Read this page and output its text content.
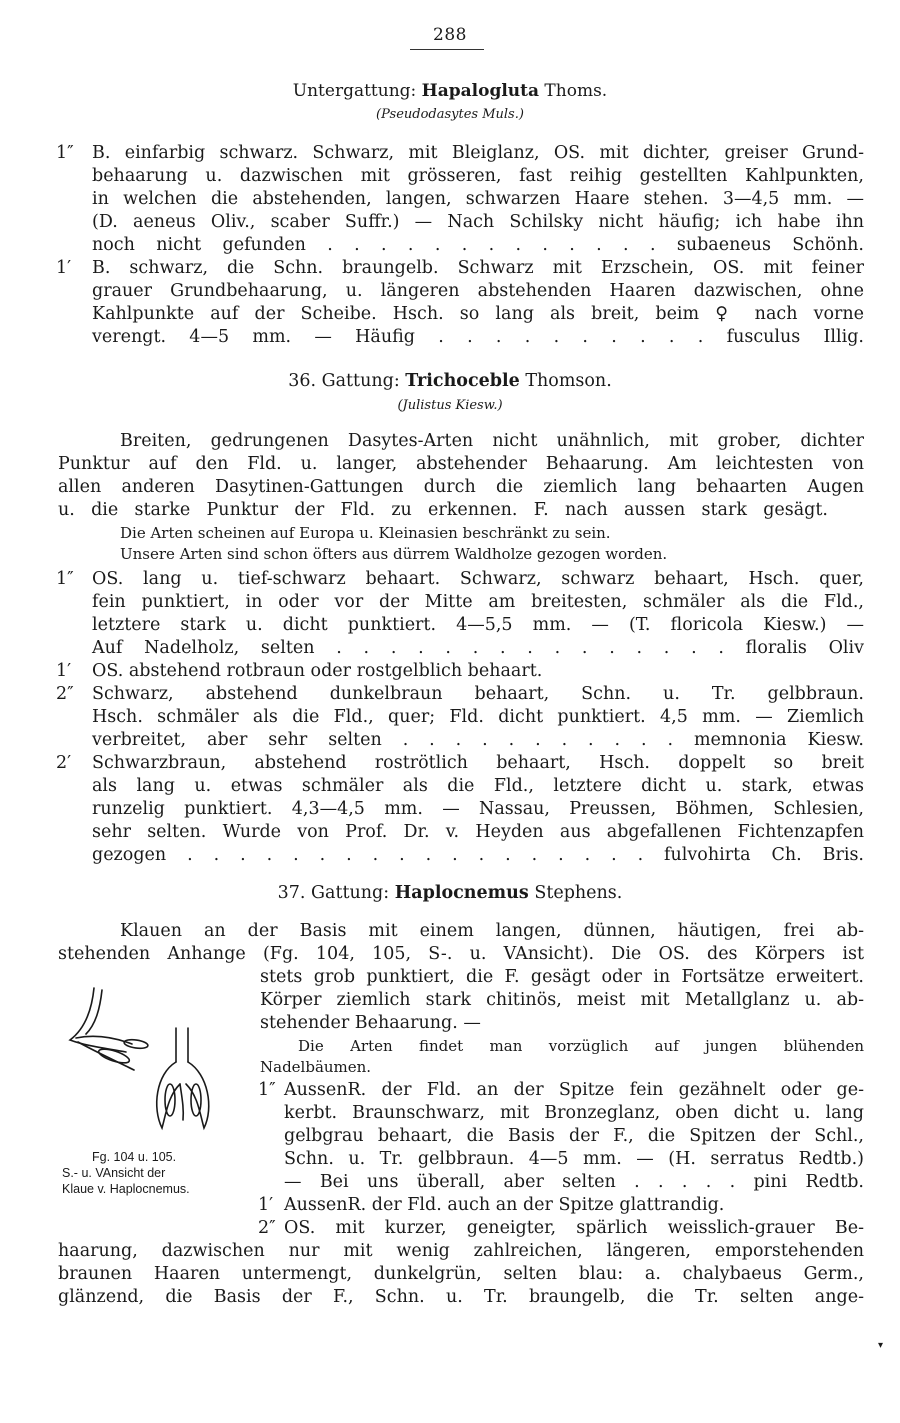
288
Untergattung: Hapalogluta Thoms.
(Pseudodasytes Muls.)
1″ B. einfarbig schwarz. Schwarz, mit Bleiglanz, OS. mit dichter, greiser Grund-
behaarung u. dazwischen mit grösseren, fast reihig gestellten Kahlpunkten,
in welchen die abstehenden, langen, schwarzen Haare stehen. 3—4,5 mm. —
(D. aeneus Oliv., scaber Suffr.) — Nach Schilsky nicht häufig; ich habe ihn
noch nicht gefunden . . . . . . . . . . . . . subaeneus Schönh.
1′ B. schwarz, die Schn. braungelb. Schwarz mit Erzschein, OS. mit feiner
grauer Grundbehaarung, u. längeren abstehenden Haaren dazwischen, ohne
Kahlpunkte auf der Scheibe. Hsch. so lang als breit, beim ♀ nach vorne
verengt. 4—5 mm. — Häufig . . . . . . . . . . fusculus Illig.
36. Gattung: Trichoceble Thomson.
(Julistus Kiesw.)
Breiten, gedrungenen Dasytes-Arten nicht unähnlich, mit grober, dichter
Punktur auf den Fld. u. langer, abstehender Behaarung. Am leichtesten von
allen anderen Dasytinen-Gattungen durch die ziemlich lang behaarten Augen
u. die starke Punktur der Fld. zu erkennen. F. nach aussen stark gesägt.
Die Arten scheinen auf Europa u. Kleinasien beschränkt zu sein.
Unsere Arten sind schon öfters aus dürrem Waldholze gezogen worden.
1″ OS. lang u. tief-schwarz behaart. Schwarz, schwarz behaart, Hsch. quer,
fein punktiert, in oder vor der Mitte am breitesten, schmäler als die Fld.,
letztere stark u. dicht punktiert. 4—5,5 mm. — (T. floricola Kiesw.) —
Auf Nadelholz, selten . . . . . . . . . . . . . . . floralis Oliv
1′ OS. abstehend rotbraun oder rostgelblich behaart.
2″ Schwarz, abstehend dunkelbraun behaart, Schn. u. Tr. gelbbraun.
Hsch. schmäler als die Fld., quer; Fld. dicht punktiert. 4,5 mm. — Ziemlich
verbreitet, aber sehr selten . . . . . . . . . . . memnonia Kiesw.
2′ Schwarzbraun, abstehend roströtlich behaart, Hsch. doppelt so breit
als lang u. etwas schmäler als die Fld., letztere dicht u. stark, etwas
runzelig punktiert. 4,3—4,5 mm. — Nassau, Preussen, Böhmen, Schlesien,
sehr selten. Wurde von Prof. Dr. v. Heyden aus abgefallenen Fichtenzapfen
gezogen . . . . . . . . . . . . . . . . . . fulvohirta Ch. Bris.
37. Gattung: Haplocnemus Stephens.
Klauen an der Basis mit einem langen, dünnen, häutigen, frei ab-
stehenden Anhange (Fg. 104, 105, S-. u. VAnsicht). Die OS. des Körpers ist
stets grob punktiert, die F. gesägt oder in Fortsätze erweitert.
Körper ziemlich stark chitinös, meist mit Metallglanz u. ab-
stehender Behaarung. —
Die Arten findet man vorzüglich auf jungen blühenden
Nadelbäumen.
1″ AussenR. der Fld. an der Spitze fein gezähnelt oder ge-
kerbt. Braunschwarz, mit Bronzeglanz, oben dicht u. lang
gelbgrau behaart, die Basis der F., die Spitzen der Schl.,
Schn. u. Tr. gelbbraun. 4—5 mm. — (H. serratus Redtb.)
— Bei uns überall, aber selten . . . . . pini Redtb.
1′ AussenR. der Fld. auch an der Spitze glattrandig.
2″ OS. mit kurzer, geneigter, spärlich weisslich-grauer Be-
haarung, dazwischen nur mit wenig zahlreichen, längeren, emporstehenden
braunen Haaren untermengt, dunkelgrün, selten blau: a. chalybaeus Germ.,
glänzend, die Basis der F., Schn. u. Tr. braungelb, die Tr. selten ange-
Fg. 104 u. 105.
S.- u. VAnsicht der
Klaue v. Haplocnemus.
▾
